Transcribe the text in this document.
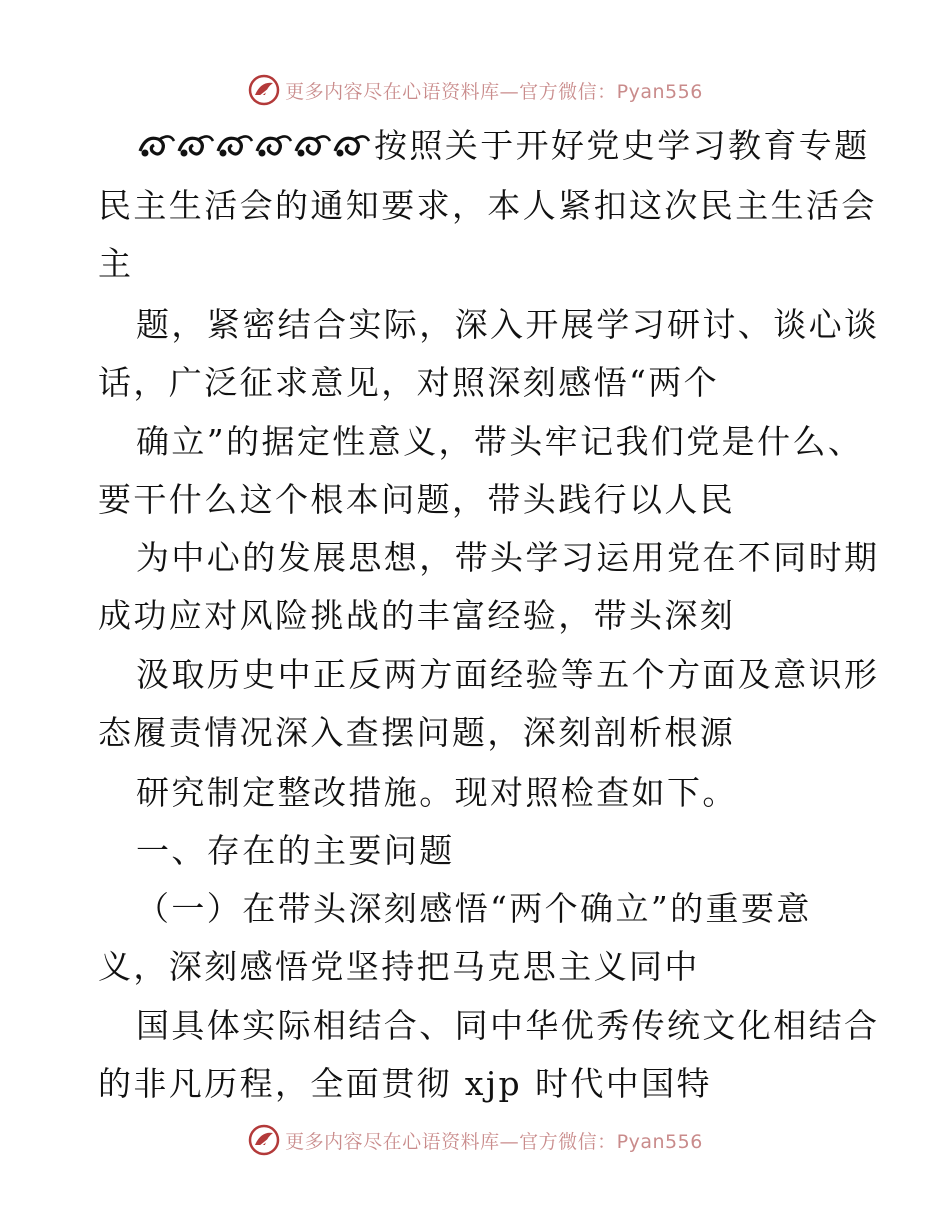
更多内容尽在心语资料库—官方微信：Pyan556
按照关于开好党史学习教育专题
民主生活会的通知要求，本人紧扣这次民主生活会
主
题，紧密结合实际，深入开展学习研讨、谈心谈
话，广泛征求意见，对照深刻感悟“两个
确立”的据定性意义，带头牢记我们党是什么、
要干什么这个根本问题，带头践行以人民
为中心的发展思想，带头学习运用党在不同时期
成功应对风险挑战的丰富经验，带头深刻
汲取历史中正反两方面经验等五个方面及意识形
态履责情况深入查摆问题，深刻剖析根源
研究制定整改措施。现对照检查如下。
一、存在的主要问题
（一）在带头深刻感悟“两个确立”的重要意
义，深刻感悟党坚持把马克思主义同中
国具体实际相结合、同中华优秀传统文化相结合
的非凡历程，全面贯彻 xjp 时代中国特
更多内容尽在心语资料库—官方微信：Pyan556
